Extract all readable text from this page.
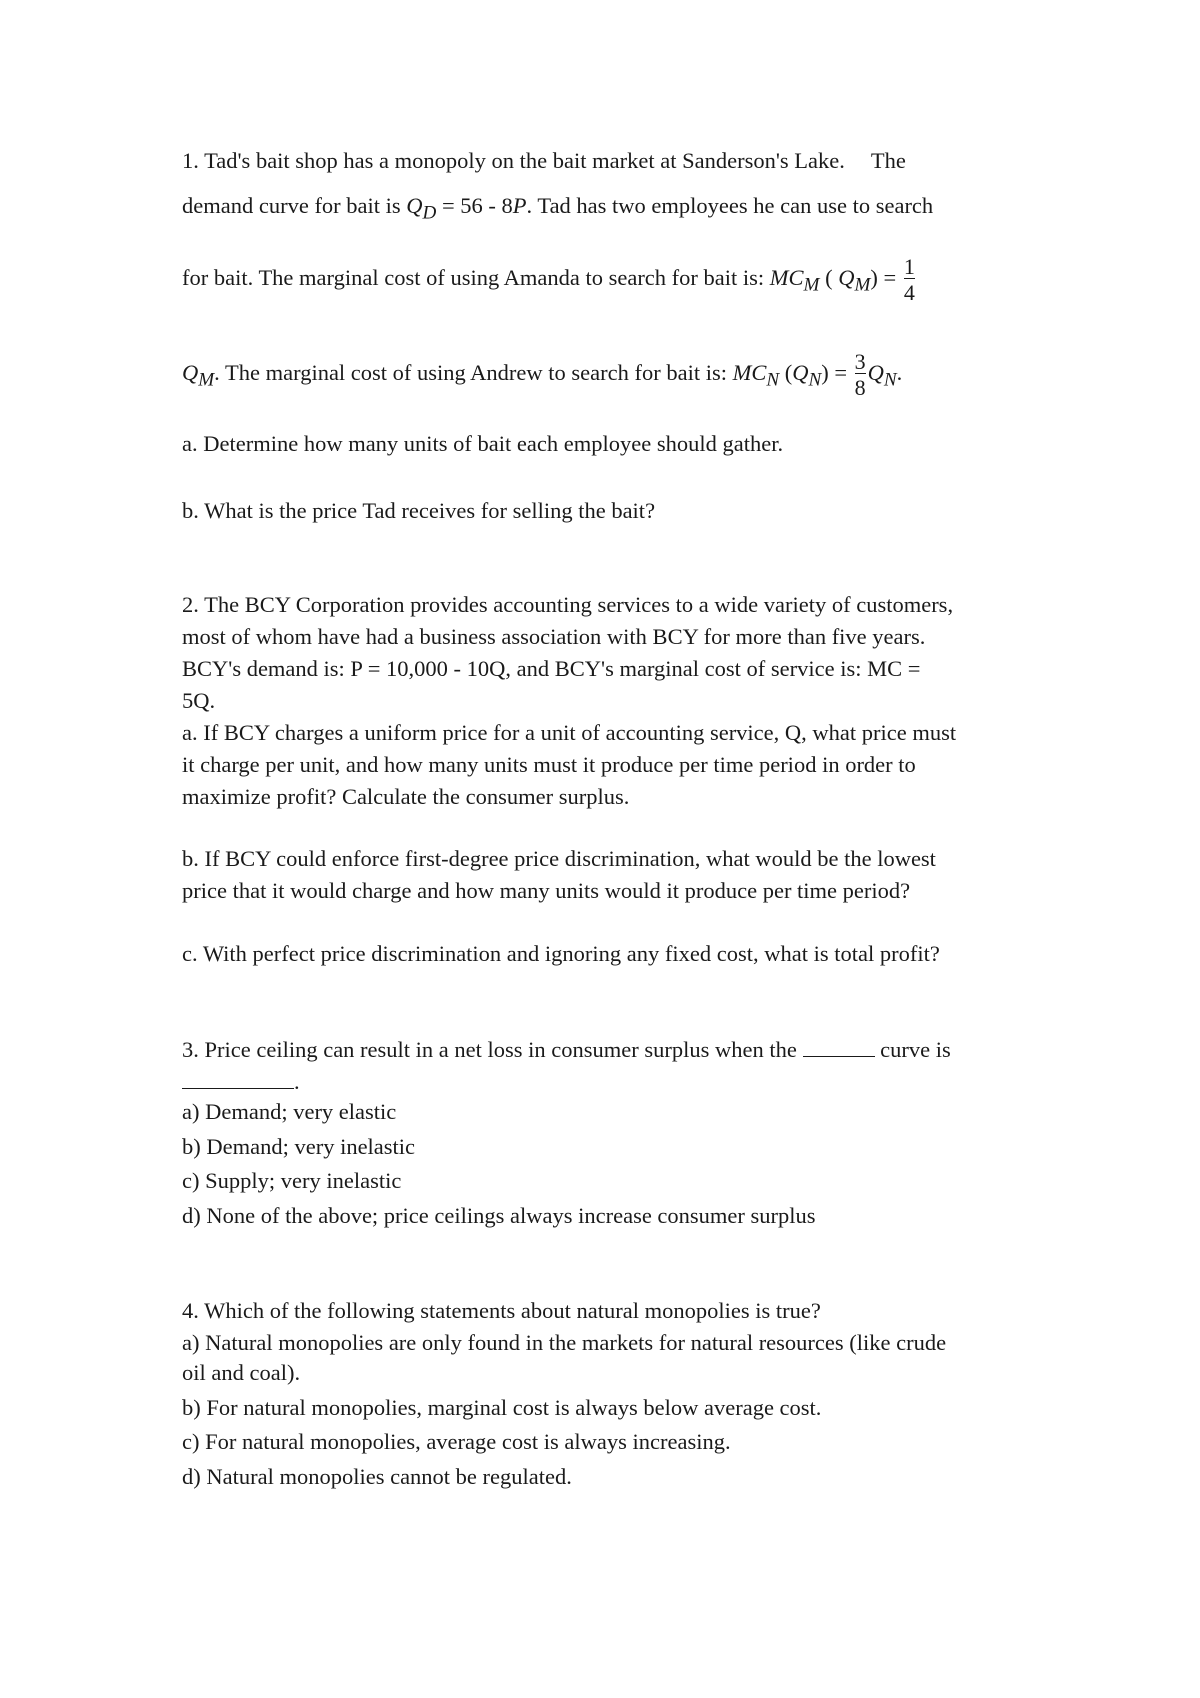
1. Tad's bait shop has a monopoly on the bait market at Sanderson's Lake. The
demand curve for bait is $Q_D = 56 - 8P$. Tad has two employees he can use to search
for bait. The marginal cost of using Amanda to search for bait is: $MC_M$ ( $Q_M) = \frac{1}{4}$
$Q_M$. The marginal cost of using Andrew to search for bait is: $MC_N$ $(Q_N) = \frac{3}{8} Q_N$.
a. Determine how many units of bait each employee should gather.
b. What is the price Tad receives for selling the bait?
2. The BCY Corporation provides accounting services to a wide variety of customers,
most of whom have had a business association with BCY for more than five years.
BCY's demand is: P = 10,000 - 10Q, and BCY's marginal cost of service is: MC =
5Q.
a. If BCY charges a uniform price for a unit of accounting service, Q, what price must
it charge per unit, and how many units must it produce per time period in order to
maximize profit? Calculate the consumer surplus.
b. If BCY could enforce first-degree price discrimination, what would be the lowest
price that it would charge and how many units would it produce per time period?
c. With perfect price discrimination and ignoring any fixed cost, what is total profit?
3. Price ceiling can result in a net loss in consumer surplus when the	curve is
.
a) Demand; very elastic
b) Demand; very inelastic
c) Supply; very inelastic
d) None of the above; price ceilings always increase consumer surplus
4. Which of the following statements about natural monopolies is true?
a) Natural monopolies are only found in the markets for natural resources (like crude
oil and coal).
b) For natural monopolies, marginal cost is always below average cost.
c) For natural monopolies, average cost is always increasing.
d) Natural monopolies cannot be regulated.
